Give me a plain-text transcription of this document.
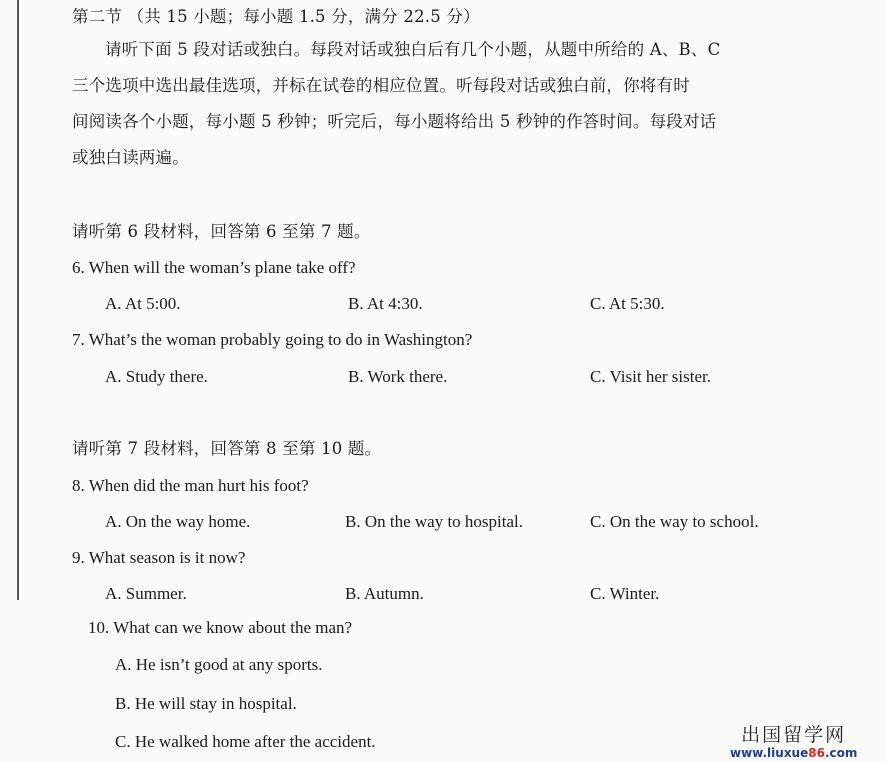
第二节 （共 15 小题；每小题 1.5 分，满分 22.5 分）
请听下面 5 段对话或独白。每段对话或独白后有几个小题，从题中所给的 A、B、C
三个选项中选出最佳选项，并标在试卷的相应位置。听每段对话或独白前，你将有时
间阅读各个小题，每小题 5 秒钟；听完后，每小题将给出 5 秒钟的作答时间。每段对话
或独白读两遍。
请听第 6 段材料，回答第 6 至第 7 题。
6. When will the woman’s plane take off?
A. At 5:00.	B. At 4:30.	C. At 5:30.
7. What’s the woman probably going to do in Washington?
A. Study there.	B. Work there.	C. Visit her sister.
请听第 7 段材料，回答第 8 至第 10 题。
8. When did the man hurt his foot?
A. On the way home.	B. On the way to hospital.	C. On the way to school.
9. What season is it now?
A. Summer.	B. Autumn.	C. Winter.
10. What can we know about the man?
A. He isn’t good at any sports.
B. He will stay in hospital.
C. He walked home after the accident.	出国留学网
www.liuxue86.com
